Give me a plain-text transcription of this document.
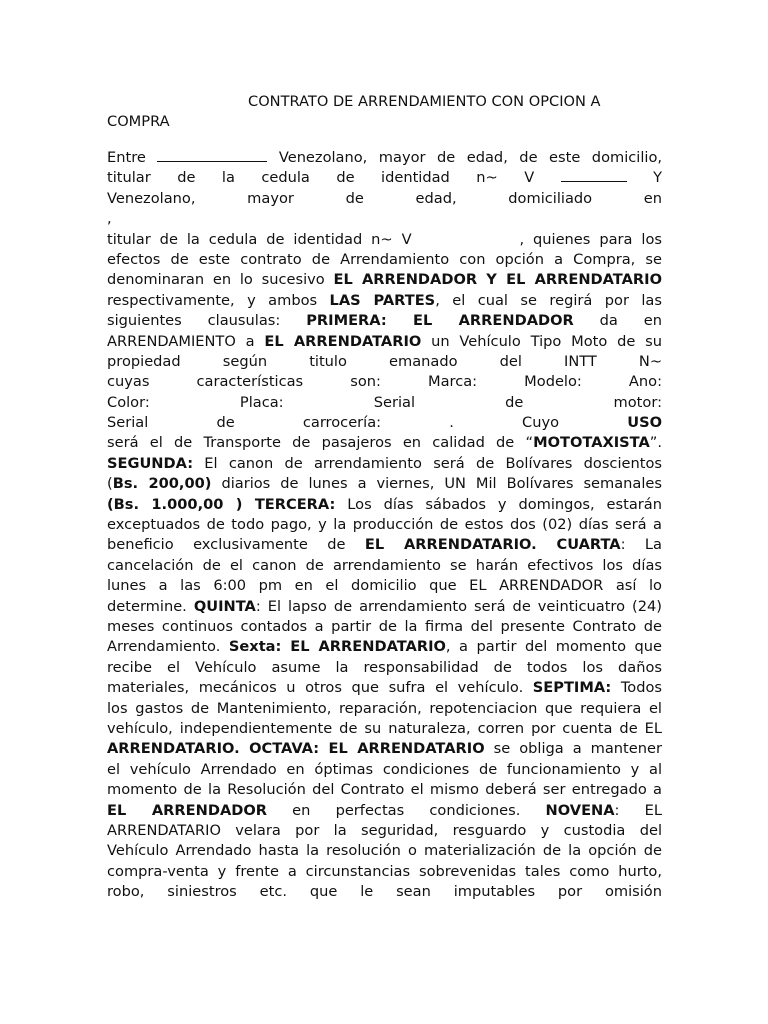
CONTRATO DE ARRENDAMIENTO CON OPCION A COMPRA
Entre	Venezolano, mayor de edad, de este domicilio,
titular de la cedula de identidad n~ V	Y
Venezolano,	mayor	de	edad,	domiciliado	en
,
titular de la cedula de identidad n~ V	, quienes para los
efectos de este contrato de Arrendamiento con opción a Compra, se
denominaran en lo sucesivo EL ARRENDADOR Y EL ARRENDATARIO
respectivamente, y ambos LAS PARTES, el cual se regirá por las
siguientes clausulas: PRIMERA: EL ARRENDADOR da en
ARRENDAMIENTO a EL ARRENDATARIO un Vehículo Tipo Moto de su
propiedad	según	titulo	emanado	del	INTT	N~
cuyas características son: Marca:	Modelo:	Ano:
Color:	Placa:	Serial de motor:
Serial de carrocería:	. Cuyo USO
será el de Transporte de pasajeros en calidad de “MOTOTAXISTA”.
SEGUNDA: El canon de arrendamiento será de Bolívares doscientos
(Bs. 200,00) diarios de lunes a viernes, UN Mil Bolívares semanales
(Bs. 1.000,00 ) TERCERA: Los días sábados y domingos, estarán
exceptuados de todo pago, y la producción de estos dos (02) días será a
beneficio exclusivamente de EL ARRENDATARIO. CUARTA: La
cancelación de el canon de arrendamiento se harán efectivos los días
lunes a las 6:00 pm en el domicilio que EL ARRENDADOR así lo
determine. QUINTA: El lapso de arrendamiento será de veinticuatro (24)
meses continuos contados a partir de la firma del presente Contrato de
Arrendamiento. Sexta: EL ARRENDATARIO, a partir del momento que
recibe el Vehículo asume la responsabilidad de todos los daños
materiales, mecánicos u otros que sufra el vehículo. SEPTIMA: Todos
los gastos de Mantenimiento, reparación, repotenciacion que requiera el
vehículo, independientemente de su naturaleza, corren por cuenta de EL
ARRENDATARIO. OCTAVA: EL ARRENDATARIO se obliga a mantener
el vehículo Arrendado en óptimas condiciones de funcionamiento y al
momento de la Resolución del Contrato el mismo deberá ser entregado a
EL ARRENDADOR en perfectas condiciones. NOVENA: EL
ARRENDATARIO velara por la seguridad, resguardo y custodia del
Vehículo Arrendado hasta la resolución o materialización de la opción de
compra-venta y frente a circunstancias sobrevenidas tales como hurto,
robo, siniestros etc. que le sean imputables por omisión
